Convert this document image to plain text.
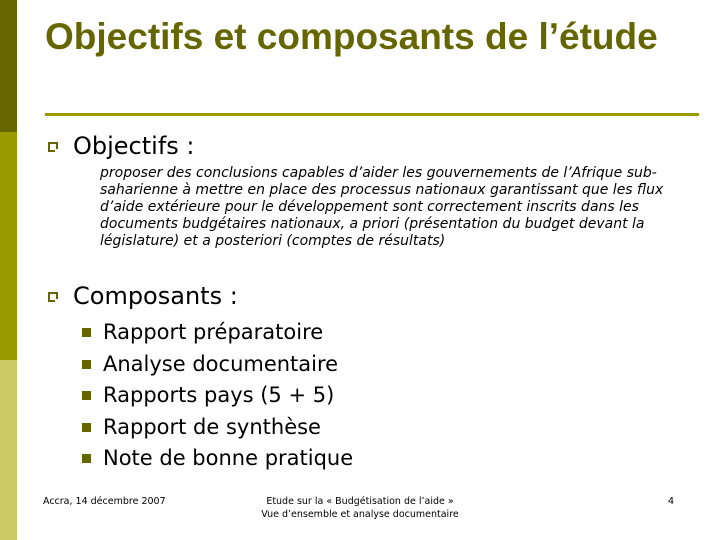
Objectifs et composants de l’étude
Objectifs :

proposer des conclusions capables d’aider les gouvernements de l’Afrique sub-saharienne à mettre en place des processus nationaux garantissant que les flux d’aide extérieure pour le développement sont correctement inscrits dans les documents budgétaires nationaux, a priori (présentation du budget devant la législature) et a posteriori (comptes de résultats)

Composants :
Rapport préparatoire
Analyse documentaire
Rapports pays (5 + 5)
Rapport de synthèse
Note de bonne pratique
Accra, 14 décembre 2007	Etude sur la « Budgétisation de l’aide »
Vue d’ensemble et analyse documentaire
4
